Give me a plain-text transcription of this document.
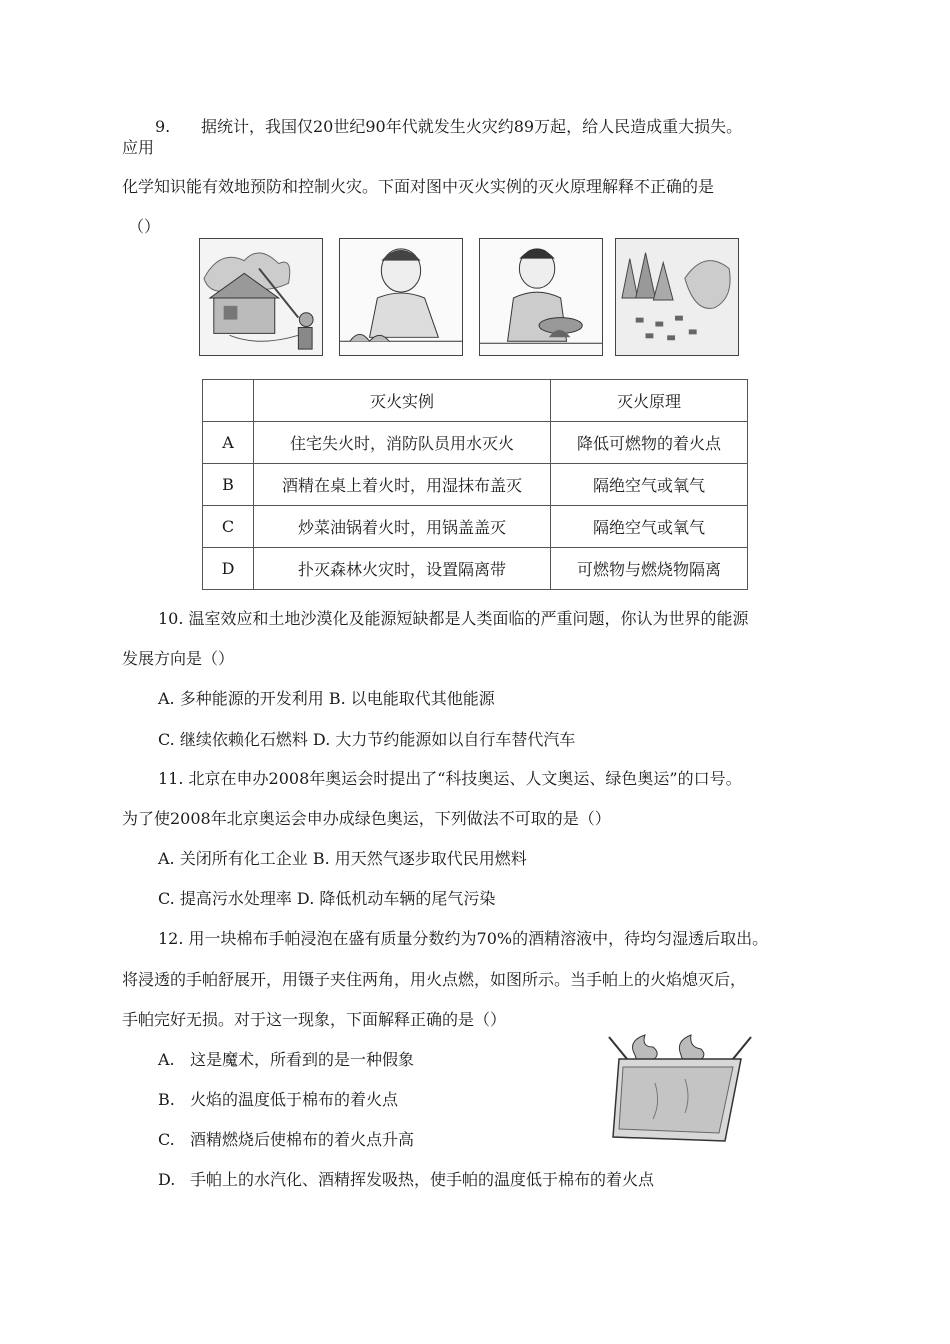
9. 据统计，我国仅20世纪90年代就发生火灾约89万起，给人民造成重大损失。
应用
化学知识能有效地预防和控制火灾。下面对图中灭火实例的灭火原理解释不正确的是
（）
	灭火实例	灭火原理
A	住宅失火时，消防队员用水灭火	降低可燃物的着火点
B	酒精在桌上着火时，用湿抹布盖灭	隔绝空气或氧气
C	炒菜油锅着火时，用锅盖盖灭	隔绝空气或氧气
D	扑灭森林火灾时，设置隔离带	可燃物与燃烧物隔离
10. 温室效应和土地沙漠化及能源短缺都是人类面临的严重问题，你认为世界的能源
发展方向是（）
A. 多种能源的开发利用 B. 以电能取代其他能源
C. 继续依赖化石燃料 D. 大力节约能源如以自行车替代汽车
11. 北京在申办2008年奥运会时提出了“科技奥运、人文奥运、绿色奥运”的口号。
为了使2008年北京奥运会申办成绿色奥运，下列做法不可取的是（）
A. 关闭所有化工企业 B. 用天然气逐步取代民用燃料
C. 提高污水处理率 D. 降低机动车辆的尾气污染
12. 用一块棉布手帕浸泡在盛有质量分数约为70%的酒精溶液中，待均匀湿透后取出。
将浸透的手帕舒展开，用镊子夹住两角，用火点燃，如图所示。当手帕上的火焰熄灭后，
手帕完好无损。对于这一现象，下面解释正确的是（）
A. 这是魔术，所看到的是一种假象
B. 火焰的温度低于棉布的着火点
C. 酒精燃烧后使棉布的着火点升高
D. 手帕上的水汽化、酒精挥发吸热，使手帕的温度低于棉布的着火点
